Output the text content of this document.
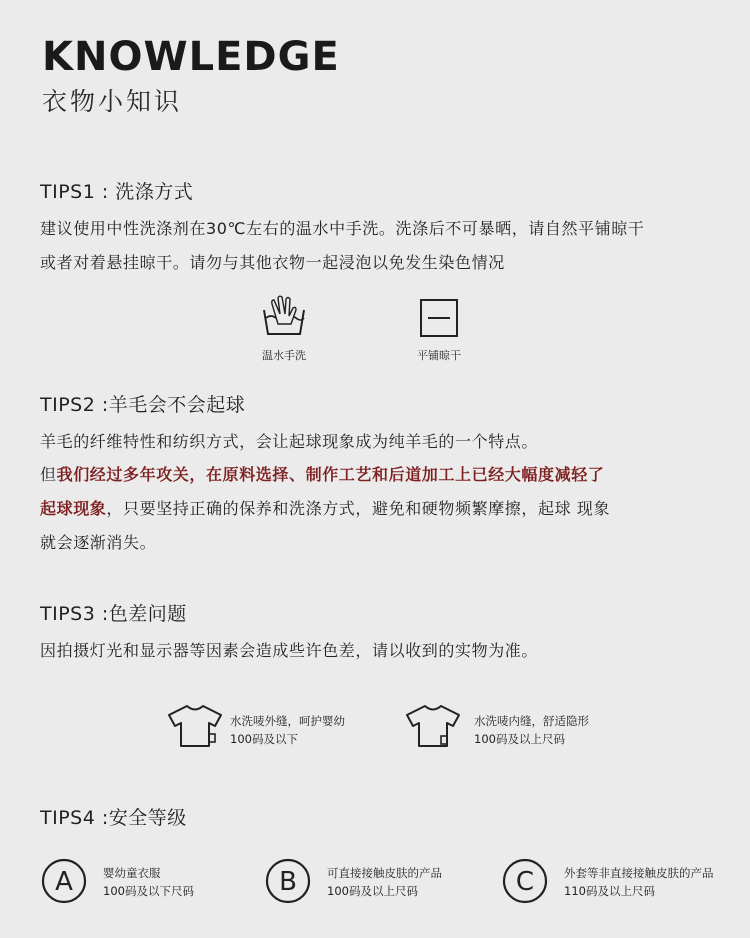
KNOWLEDGE
衣物小知识
TIPS1 : 洗涤方式
建议使用中性洗涤剂在30℃左右的温水中手洗。洗涤后不可暴晒，请自然平铺晾干
或者对着悬挂晾干。请勿与其他衣物一起浸泡以免发生染色情况
温水手洗	平铺晾干
TIPS2 :羊毛会不会起球
羊毛的纤维特性和纺织方式，会让起球现象成为纯羊毛的一个特点。
但我们经过多年攻关，在原料选择、制作工艺和后道加工上已经大幅度减轻了
起球现象，只要坚持正确的保养和洗涤方式，避免和硬物频繁摩擦，起球 现象
就会逐渐消失。
TIPS3 :色差问题
因拍摄灯光和显示器等因素会造成些许色差，请以收到的实物为准。
水洗唛外缝，呵护婴幼
100码及以下
水洗唛内缝，舒适隐形
100码及以上尺码
TIPS4 :安全等级
A	婴幼童衣服
100码及以下尺码	B	可直接接触皮肤的产品
100码及以上尺码	C	外套等非直接接触皮肤的产品
110码及以上尺码
